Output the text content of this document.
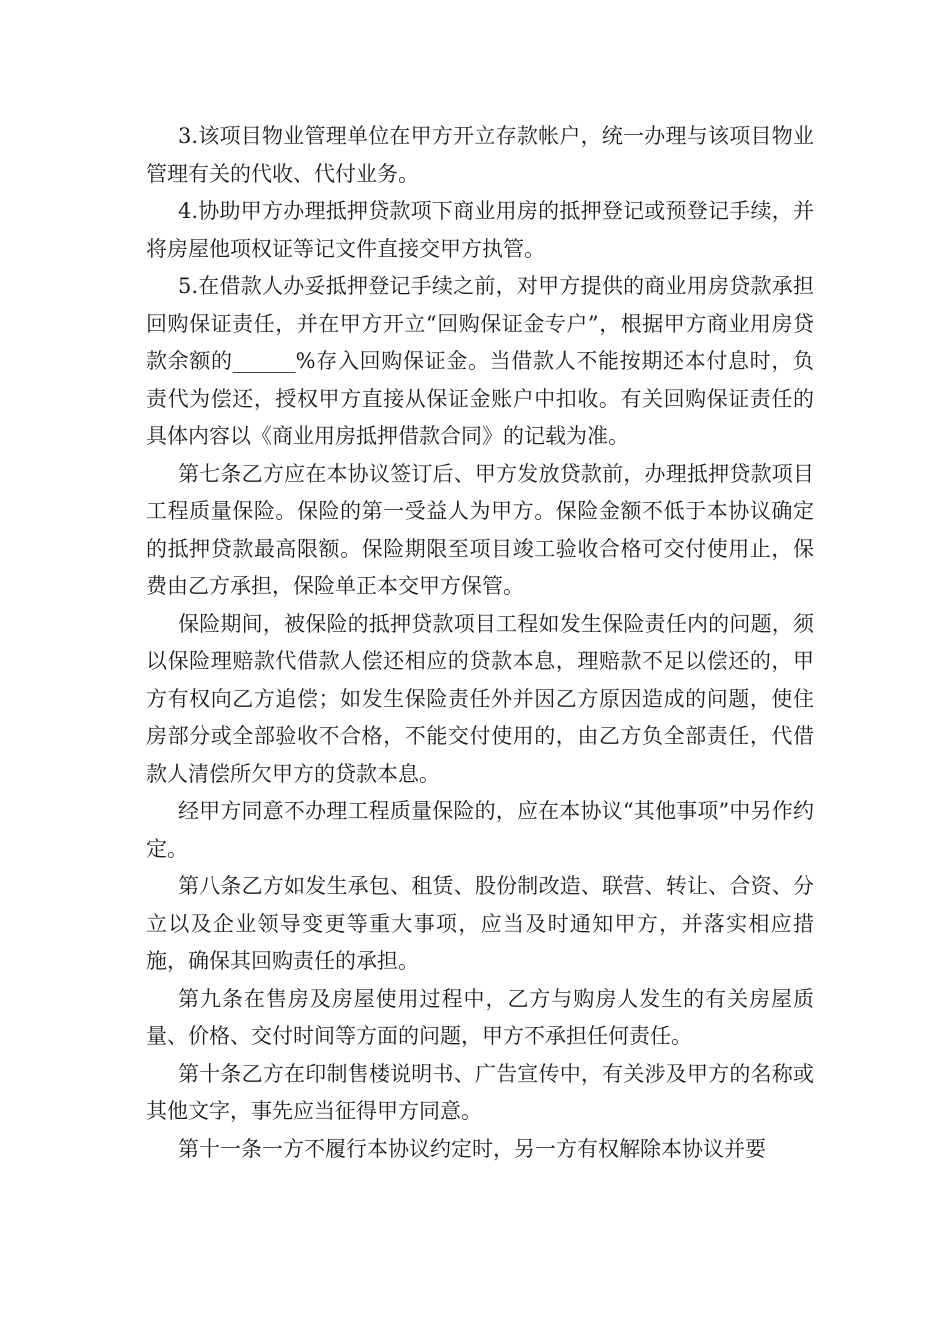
3.该项目物业管理单位在甲方开立存款帐户，统一办理与该项目物业管理有关的代收、代付业务。

4.协助甲方办理抵押贷款项下商业用房的抵押登记或预登记手续，并将房屋他项权证等记文件直接交甲方执管。

5.在借款人办妥抵押登记手续之前，对甲方提供的商业用房贷款承担回购保证责任，并在甲方开立“回购保证金专户”，根据甲方商业用房贷款余额的______%存入回购保证金。当借款人不能按期还本付息时，负责代为偿还，授权甲方直接从保证金账户中扣收。有关回购保证责任的具体内容以《商业用房抵押借款合同》的记载为准。

第七条乙方应在本协议签订后、甲方发放贷款前，办理抵押贷款项目工程质量保险。保险的第一受益人为甲方。保险金额不低于本协议确定的抵押贷款最高限额。保险期限至项目竣工验收合格可交付使用止，保费由乙方承担，保险单正本交甲方保管。

保险期间，被保险的抵押贷款项目工程如发生保险责任内的问题，须以保险理赔款代借款人偿还相应的贷款本息，理赔款不足以偿还的，甲方有权向乙方追偿；如发生保险责任外并因乙方原因造成的问题，使住房部分或全部验收不合格，不能交付使用的，由乙方负全部责任，代借款人清偿所欠甲方的贷款本息。

经甲方同意不办理工程质量保险的，应在本协议“其他事项”中另作约定。

第八条乙方如发生承包、租赁、股份制改造、联营、转让、合资、分立以及企业领导变更等重大事项，应当及时通知甲方，并落实相应措施，确保其回购责任的承担。

第九条在售房及房屋使用过程中，乙方与购房人发生的有关房屋质量、价格、交付时间等方面的问题，甲方不承担任何责任。

第十条乙方在印制售楼说明书、广告宣传中，有关涉及甲方的名称或其他文字，事先应当征得甲方同意。

第十一条一方不履行本协议约定时，另一方有权解除本协议并要
